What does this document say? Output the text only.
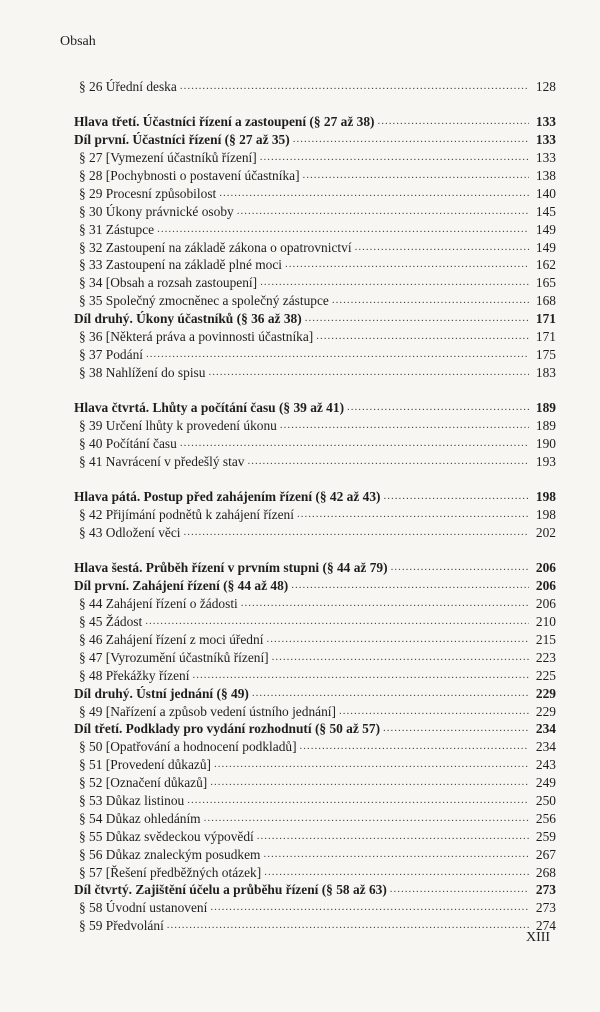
Obsah
§ 26 Úřední deska .....	128
Hlava třetí. Účastníci řízení a zastoupení (§ 27 až 38) .....	133
Díl první. Účastníci řízení (§ 27 až 35) .....	133
§ 27 [Vymezení účastníků řízení] .....	133
§ 28 [Pochybnosti o postavení účastníka] .....	138
§ 29 Procesní způsobilost .....	140
§ 30 Úkony právnické osoby .....	145
§ 31 Zástupce .....	149
§ 32 Zastoupení na základě zákona o opatrovnictví .....	149
§ 33 Zastoupení na základě plné moci .....	162
§ 34 [Obsah a rozsah zastoupení] .....	165
§ 35 Společný zmocněnec a společný zástupce .....	168
Díl druhý. Úkony účastníků (§ 36 až 38) .....	171
§ 36 [Některá práva a povinnosti účastníka] .....	171
§ 37 Podání .....	175
§ 38 Nahlížení do spisu .....	183
Hlava čtvrtá. Lhůty a počítání času (§ 39 až 41) .....	189
§ 39 Určení lhůty k provedení úkonu .....	189
§ 40 Počítání času .....	190
§ 41 Navrácení v předešlý stav .....	193
Hlava pátá. Postup před zahájením řízení (§ 42 až 43) .....	198
§ 42 Přijímání podnětů k zahájení řízení .....	198
§ 43 Odložení věci .....	202
Hlava šestá. Průběh řízení v prvním stupni (§ 44 až 79) .....	206
Díl první. Zahájení řízení (§ 44 až 48) .....	206
§ 44 Zahájení řízení o žádosti .....	206
§ 45 Žádost .....	210
§ 46 Zahájení řízení z moci úřední .....	215
§ 47 [Vyrozumění účastníků řízení] .....	223
§ 48 Překážky řízení .....	225
Díl druhý. Ústní jednání (§ 49) .....	229
§ 49 [Nařízení a způsob vedení ústního jednání] .....	229
Díl třetí. Podklady pro vydání rozhodnutí (§ 50 až 57) .....	234
§ 50 [Opatřování a hodnocení podkladů] .....	234
§ 51 [Provedení důkazů] .....	243
§ 52 [Označení důkazů] .....	249
§ 53 Důkaz listinou .....	250
§ 54 Důkaz ohledáním .....	256
§ 55 Důkaz svědeckou výpovědí .....	259
§ 56 Důkaz znaleckým posudkem .....	267
§ 57 [Řešení předběžných otázek] .....	268
Díl čtvrtý. Zajištění účelu a průběhu řízení (§ 58 až 63) .....	273
§ 58 Úvodní ustanovení .....	273
§ 59 Předvolání .....	274
XIII
